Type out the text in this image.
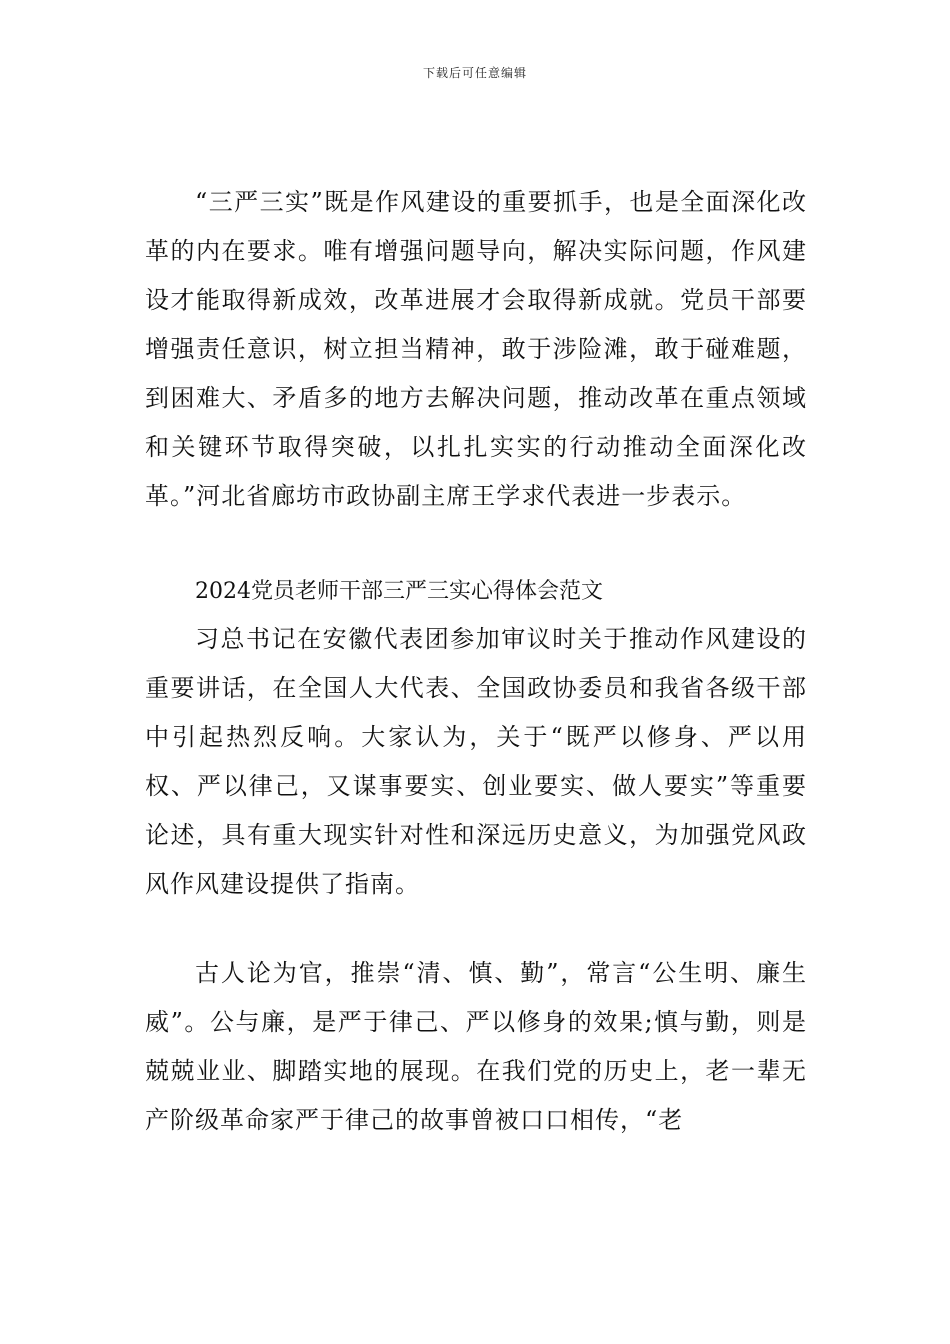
下载后可任意编辑

“三严三实”既是作风建设的重要抓手，也是全面深化改革的内在要求。唯有增强问题导向，解决实际问题，作风建设才能取得新成效，改革进展才会取得新成就。党员干部要增强责任意识，树立担当精神，敢于涉险滩，敢于碰难题，到困难大、矛盾多的地方去解决问题，推动改革在重点领域和关键环节取得突破，以扎扎实实的行动推动全面深化改革。”河北省廊坊市政协副主席王学求代表进一步表示。

2024党员老师干部三严三实心得体会范文

习总书记在安徽代表团参加审议时关于推动作风建设的重要讲话，在全国人大代表、全国政协委员和我省各级干部中引起热烈反响。大家认为，关于“既严以修身、严以用权、严以律己，又谋事要实、创业要实、做人要实”等重要论述，具有重大现实针对性和深远历史意义，为加强党风政风作风建设提供了指南。

古人论为官，推崇“清、慎、勤”，常言“公生明、廉生威”。公与廉，是严于律己、严以修身的效果;慎与勤，则是兢兢业业、脚踏实地的展现。在我们党的历史上，老一辈无产阶级革命家严于律己的故事曾被口口相传，“老
